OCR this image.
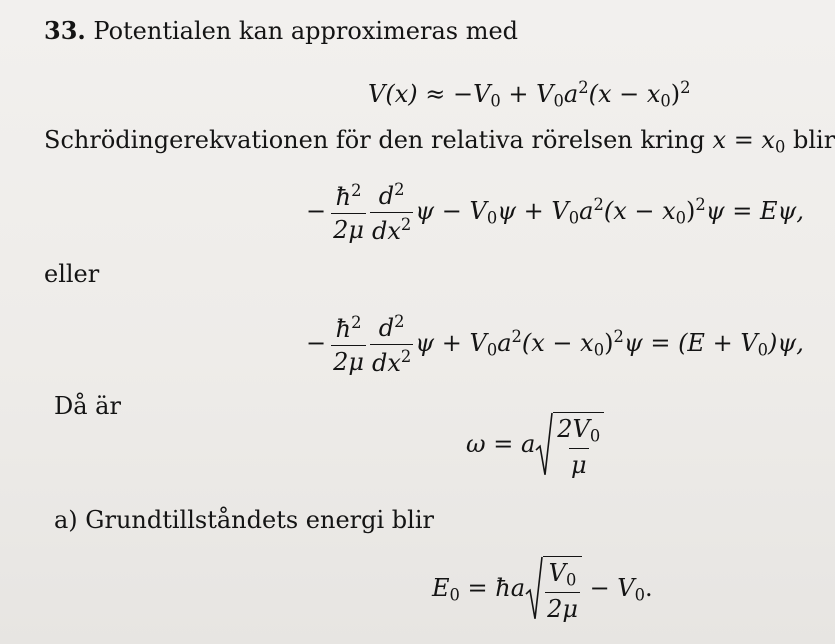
33. Potentialen kan approximeras med
$V(x) \approx -V_0 + V_0a^2(x - x_0)^2$
Schrödingerekvationen för den relativa rörelsen kring $x = x_0$ blir
− $\frac{ħ^2}{2\mu} \frac{d^2}{dx^2}$ $\psi - V_0\psi + V_0a^2(x - x_0)^2\psi = E\psi$,
eller
− $\frac{ħ^2}{2\mu} \frac{d^2}{dx^2}$ $\psi + V_0a^2(x - x_0)^2\psi = (E + V_0)\psi$,
Då är
ω = a $\frac{2V_0}{\mu}$
a) Grundtillståndets energi blir
$E_0$ = ħa $\frac{V_0}{2\mu} - V_0$.
